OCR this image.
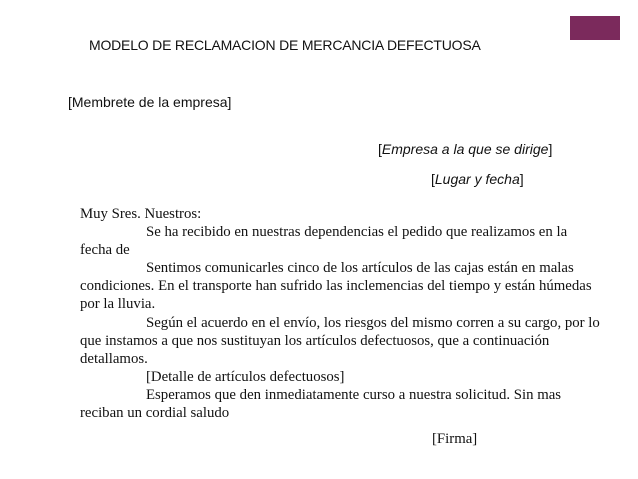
MODELO DE RECLAMACION DE MERCANCIA DEFECTUOSA
[Membrete de la empresa]
[Empresa a la que se dirige]
[Lugar y fecha]

Muy Sres. Nuestros:

Se ha recibido en nuestras dependencias el pedido que realizamos en la fecha de

Sentimos comunicarles cinco de los artículos de las cajas están en malas condiciones. En el transporte han sufrido las inclemencias del tiempo y están húmedas por la lluvia.

Según el acuerdo en el envío, los riesgos del mismo corren a su cargo, por lo que instamos a que nos sustituyan los artículos defectuosos, que a continuación detallamos.

[Detalle de artículos defectuosos]

Esperamos que den inmediatamente curso a nuestra solicitud. Sin mas reciban un cordial saludo

[Firma]
